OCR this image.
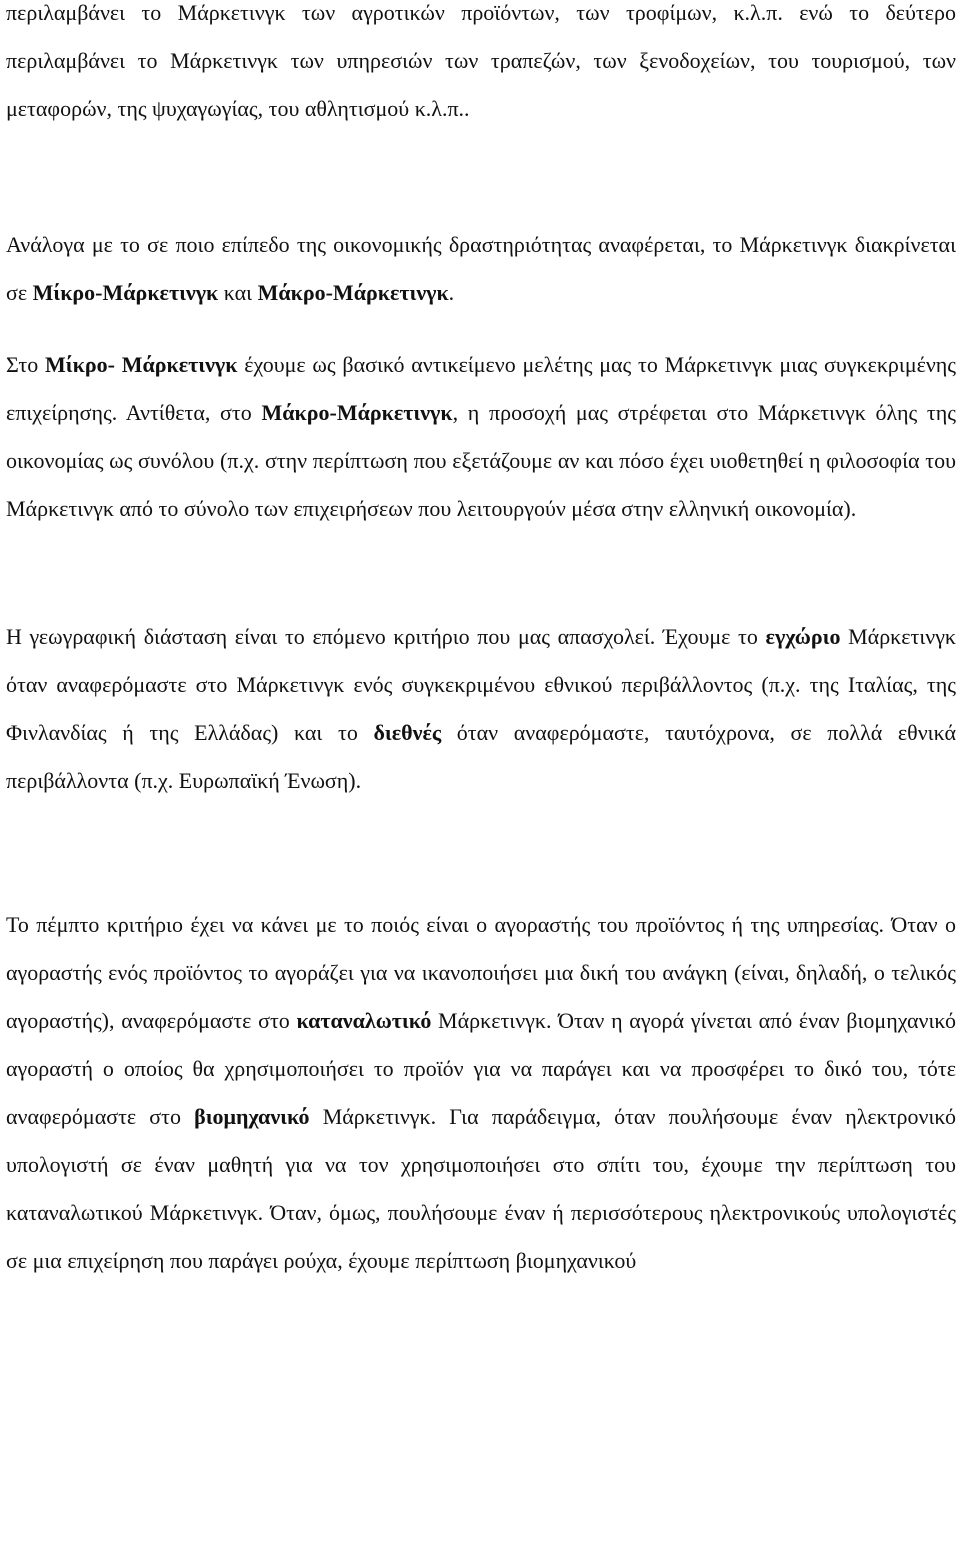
περιλαμβάνει το Μάρκετινγκ των αγροτικών προϊόντων, των τροφίμων, κ.λ.π. ενώ το δεύτερο περιλαμβάνει το Μάρκετινγκ των υπηρεσιών των τραπεζών, των ξενοδοχείων, του τουρισμού, των μεταφορών, της ψυχαγωγίας, του αθλητισμού κ.λ.π..

Ανάλογα με το σε ποιο επίπεδο της οικονομικής δραστηριότητας αναφέρεται, το Μάρκετινγκ διακρίνεται σε Μίκρο-Μάρκετινγκ και Μάκρο-Μάρκετινγκ.

Στο Μίκρο- Μάρκετινγκ έχουμε ως βασικό αντικείμενο μελέτης μας το Μάρκετινγκ μιας συγκεκριμένης επιχείρησης. Αντίθετα, στο Μάκρο-Μάρκετινγκ, η προσοχή μας στρέφεται στο Μάρκετινγκ όλης της οικονομίας ως συνόλου (π.χ. στην περίπτωση που εξετάζουμε αν και πόσο έχει υιοθετηθεί η φιλοσοφία του Μάρκετινγκ από το σύνολο των επιχειρήσεων που λειτουργούν μέσα στην ελληνική οικονομία).

Η γεωγραφική διάσταση είναι το επόμενο κριτήριο που μας απασχολεί. Έχουμε το εγχώριο Μάρκετινγκ όταν αναφερόμαστε στο Μάρκετινγκ ενός συγκεκριμένου εθνικού περιβάλλοντος (π.χ. της Ιταλίας, της Φινλανδίας ή της Ελλάδας) και το διεθνές όταν αναφερόμαστε, ταυτόχρονα, σε πολλά εθνικά περιβάλλοντα (π.χ. Ευρωπαϊκή Ένωση).

Το πέμπτο κριτήριο έχει να κάνει με το ποιός είναι ο αγοραστής του προϊόντος ή της υπηρεσίας. Όταν ο αγοραστής ενός προϊόντος το αγοράζει για να ικανοποιήσει μια δική του ανάγκη (είναι, δηλαδή, ο τελικός αγοραστής), αναφερόμαστε στο καταναλωτικό Μάρκετινγκ. Όταν η αγορά γίνεται από έναν βιομηχανικό αγοραστή ο οποίος θα χρησιμοποιήσει το προϊόν για να παράγει και να προσφέρει το δικό του, τότε αναφερόμαστε στο βιομηχανικό Μάρκετινγκ. Για παράδειγμα, όταν πουλήσουμε έναν ηλεκτρονικό υπολογιστή σε έναν μαθητή για να τον χρησιμοποιήσει στο σπίτι του, έχουμε την περίπτωση του καταναλωτικού Μάρκετινγκ. Όταν, όμως, πουλήσουμε έναν ή περισσότερους ηλεκτρονικούς υπολογιστές σε μια επιχείρηση που παράγει ρούχα, έχουμε περίπτωση βιομηχανικού
